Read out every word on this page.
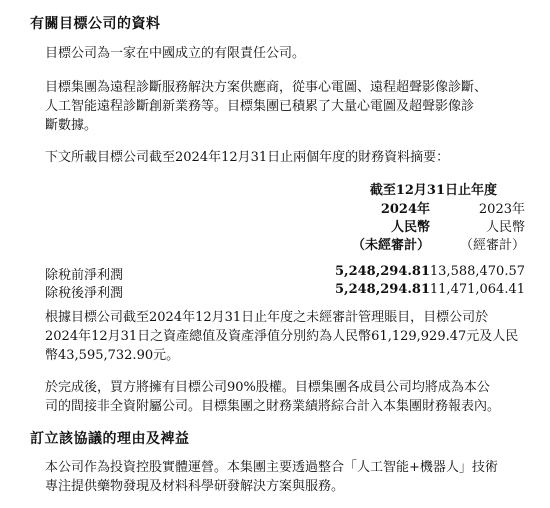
有關目標公司的資料
目標公司為一家在中國成立的有限責任公司。
目標集團為遠程診斷服務解決方案供應商，從事心電圖、遠程超聲影像診斷、
人工智能遠程診斷創新業務等。目標集團已積累了大量心電圖及超聲影像診
斷數據。
下文所載目標公司截至2024年12月31日止兩個年度的財務資料摘要：
截至12月31日止年度
2024年	2023年
人民幣	人民幣
（未經審計） （經審計）
除稅前淨利潤	5,248,294.81 13,588,470.57
除稅後淨利潤	5,248,294.81 11,471,064.41
根據目標公司截至2024年12月31日止年度之未經審計管理賬目，目標公司於
2024年12月31日之資產總值及資產淨值分別約為人民幣61,129,929.47元及人民
幣43,595,732.90元。
於完成後，買方將擁有目標公司90%股權。目標集團各成員公司均將成為本公
司的間接非全資附屬公司。目標集團之財務業績將綜合計入本集團財務報表內。
訂立該協議的理由及裨益
本公司作為投資控股實體運營。本集團主要透過整合「人工智能+機器人」技術
專注提供藥物發現及材料科學研發解決方案與服務。
